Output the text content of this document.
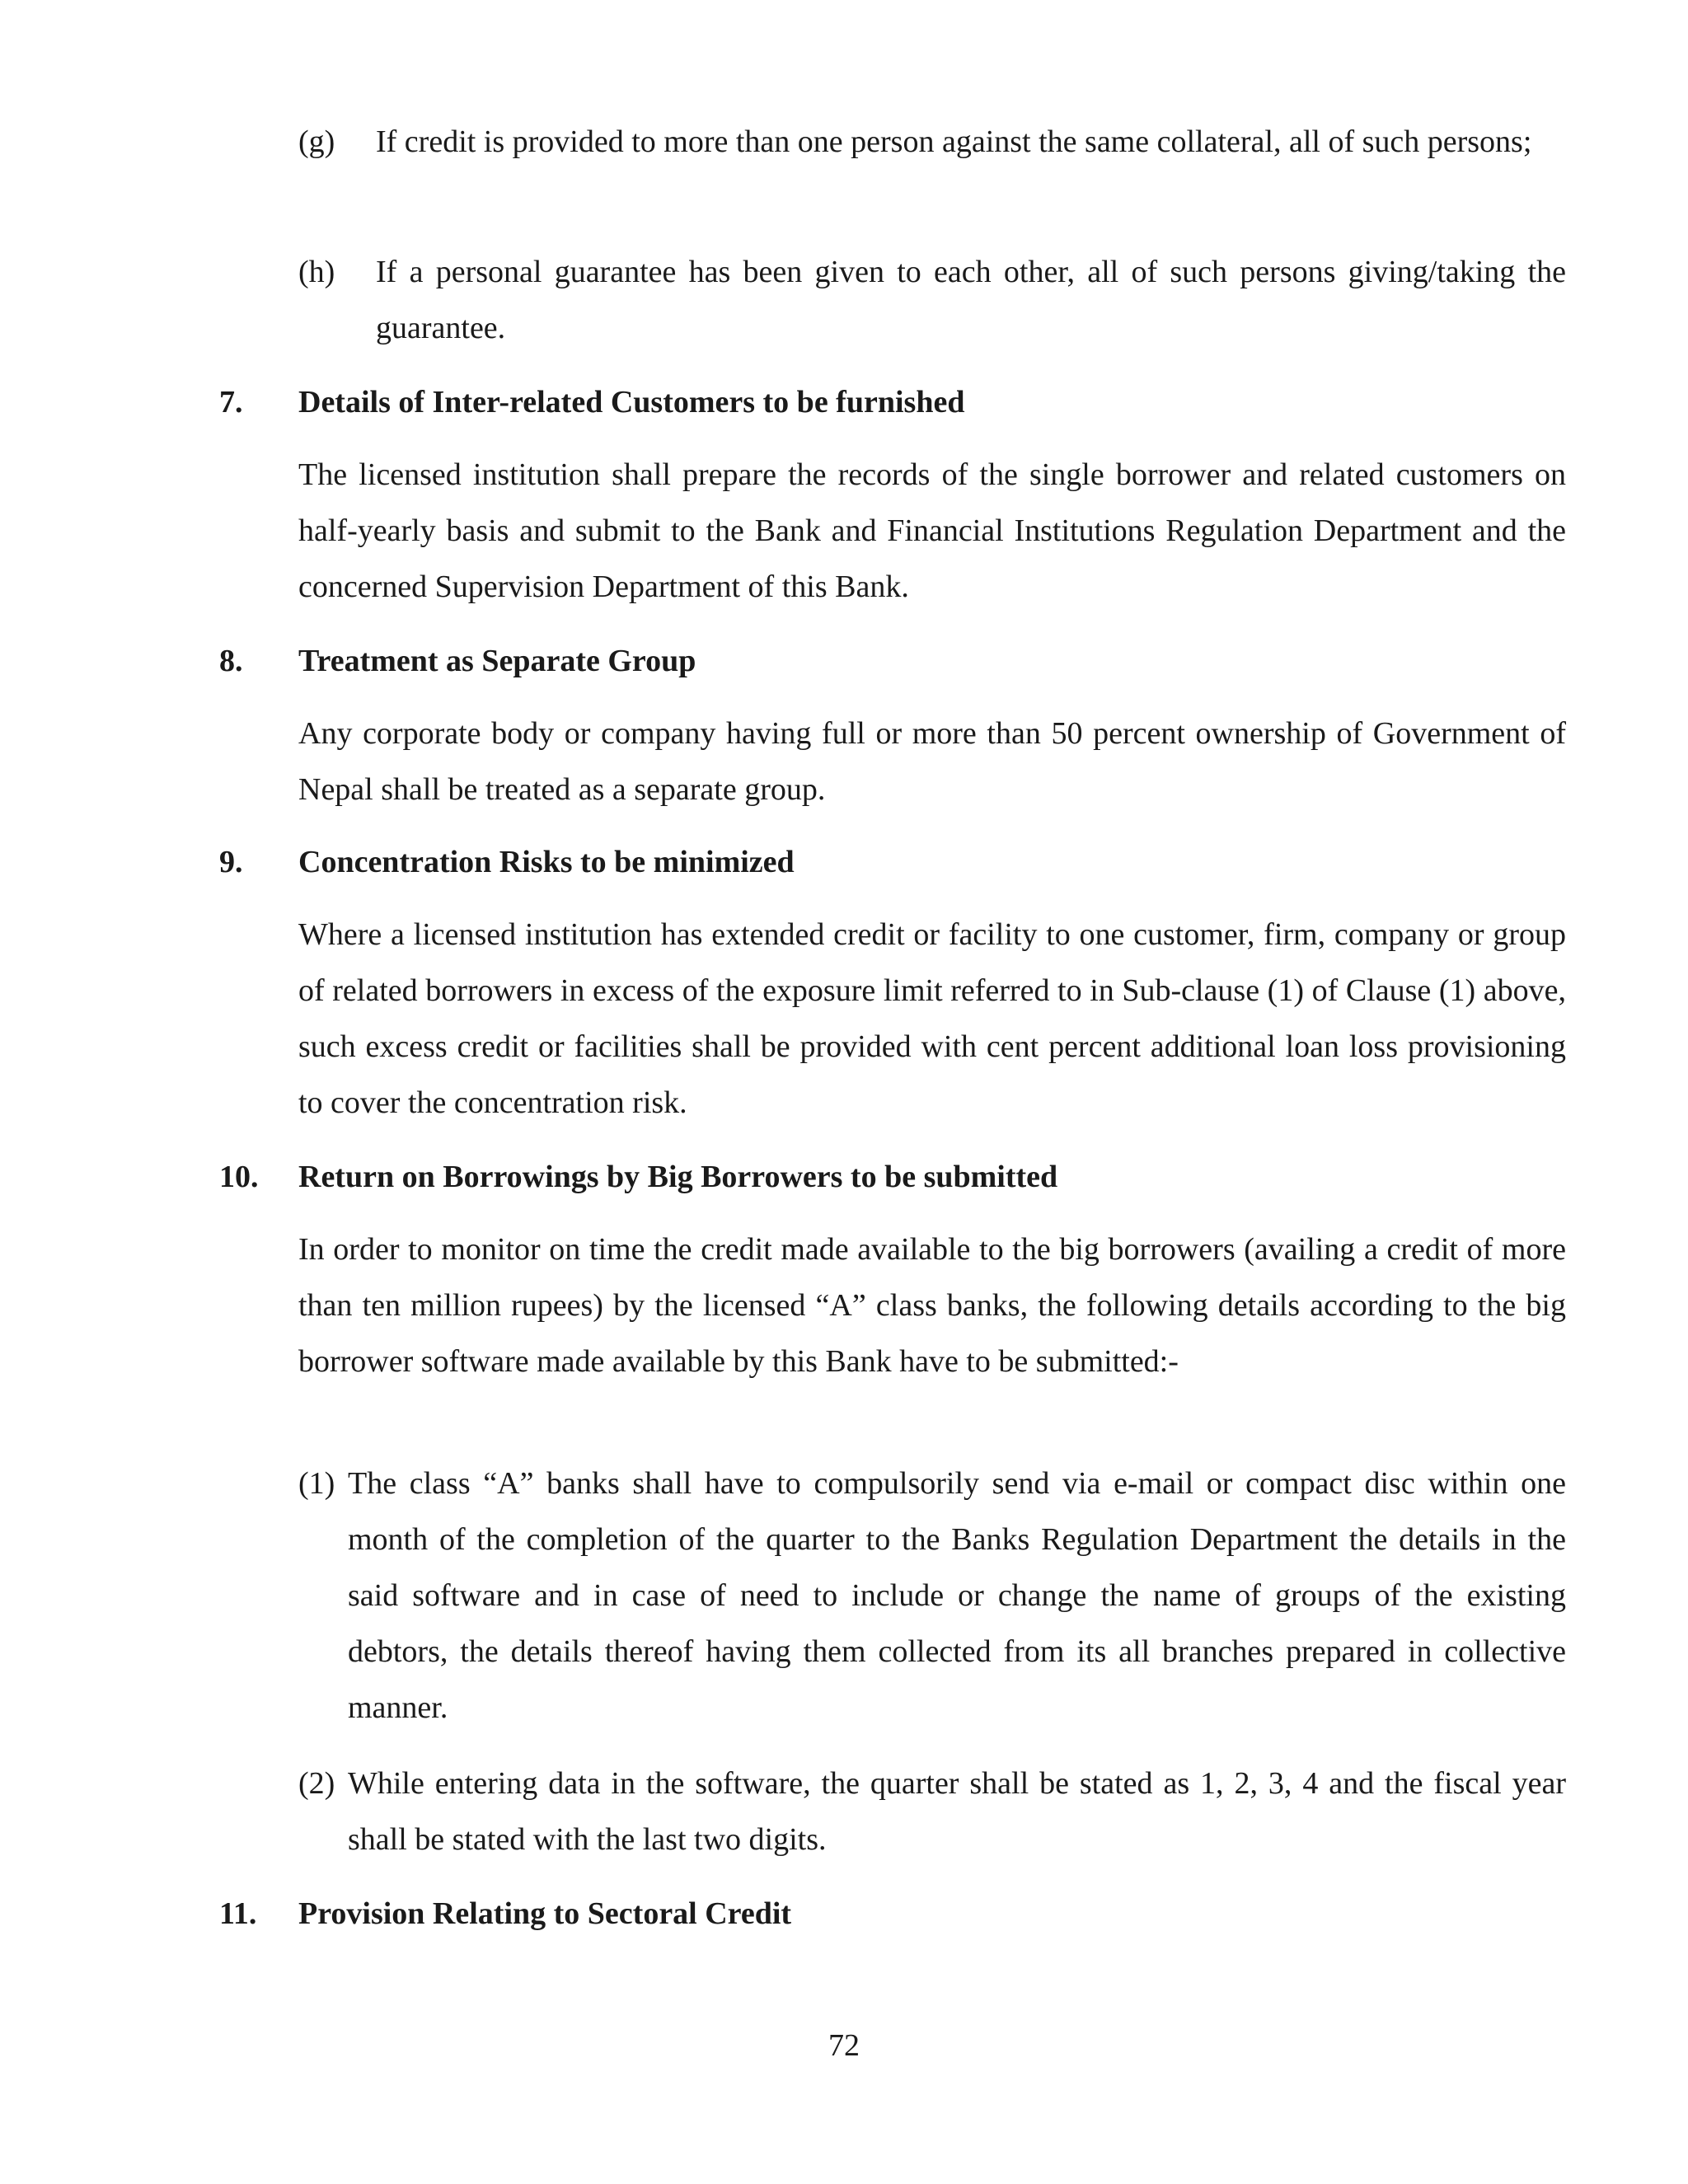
(g)	If credit is provided to more than one person against the same collateral, all of such persons;
(h)	If a personal guarantee has been given to each other, all of such persons giving/taking the guarantee.
7. Details of Inter-related Customers to be furnished

The licensed institution shall prepare the records of the single borrower and related customers on half-yearly basis and submit to the Bank and Financial Institutions Regulation Department and the concerned Supervision Department of this Bank.

8. Treatment as Separate Group

Any corporate body or company having full or more than 50 percent ownership of Government of Nepal shall be treated as a separate group.

9. Concentration Risks to be minimized

Where a licensed institution has extended credit or facility to one customer, firm, company or group of related borrowers in excess of the exposure limit referred to in Sub-clause (1) of Clause (1) above, such excess credit or facilities shall be provided with cent percent additional loan loss provisioning to cover the concentration risk.

10. Return on Borrowings by Big Borrowers to be submitted

In order to monitor on time the credit made available to the big borrowers (availing a credit of more than ten million rupees) by the licensed “A” class banks, the following details according to the big borrower software made available by this Bank have to be submitted:-

(1) The class “A” banks shall have to compulsorily send via e-mail or compact disc within one month of the completion of the quarter to the Banks Regulation Department the details in the said software and in case of need to include or change the name of groups of the existing debtors, the details thereof having them collected from its all branches prepared in collective manner.
(2) While entering data in the software, the quarter shall be stated as 1, 2, 3, 4 and the fiscal year shall be stated with the last two digits.
11. Provision Relating to Sectoral Credit

72
